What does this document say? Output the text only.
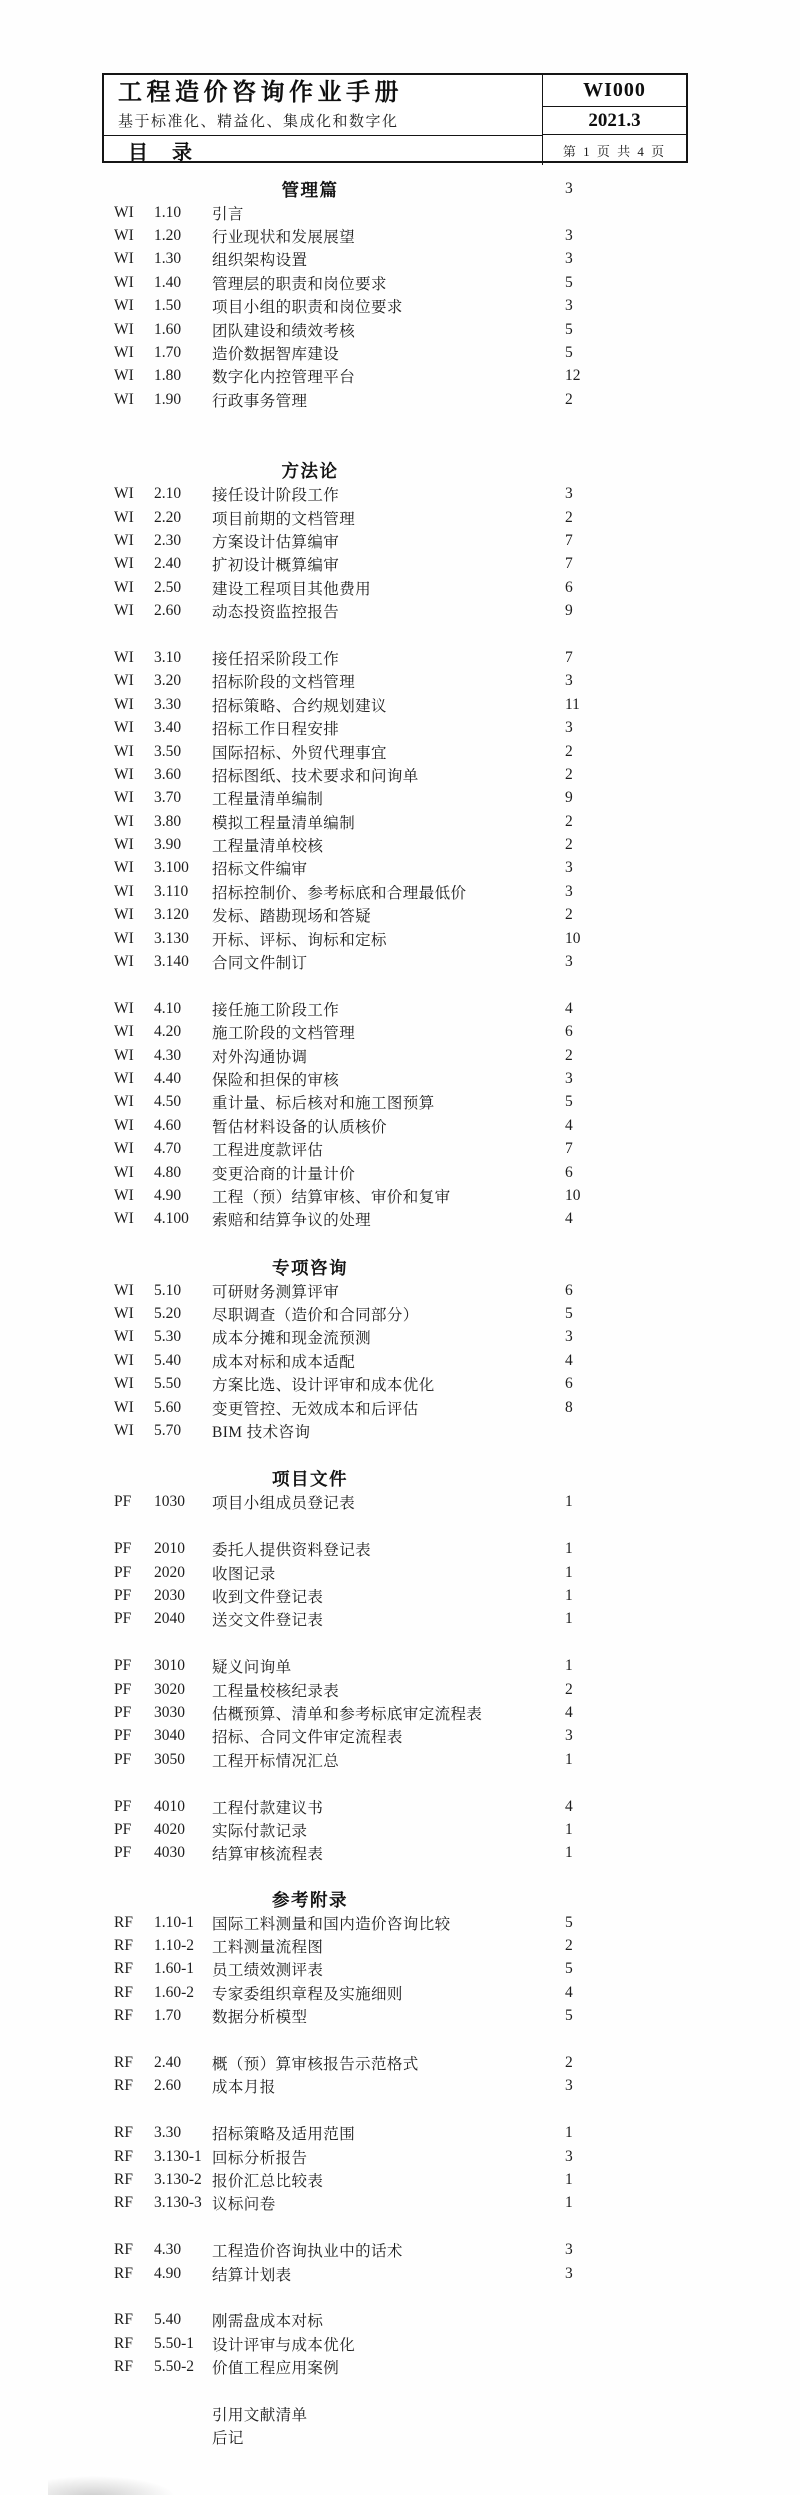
工程造价咨询作业手册
基于标准化、精益化、集成化和数字化
目　录
WI000
2021.3
第 1 页 共 4 页
管理篇	3
WI	1.10	引言
WI	1.20	行业现状和发展展望	3
WI	1.30	组织架构设置	3
WI	1.40	管理层的职责和岗位要求	5
WI	1.50	项目小组的职责和岗位要求	3
WI	1.60	团队建设和绩效考核	5
WI	1.70	造价数据智库建设	5
WI	1.80	数字化内控管理平台	12
WI	1.90	行政事务管理	2
方法论
WI	2.10	接任设计阶段工作	3
WI	2.20	项目前期的文档管理	2
WI	2.30	方案设计估算编审	7
WI	2.40	扩初设计概算编审	7
WI	2.50	建设工程项目其他费用	6
WI	2.60	动态投资监控报告	9
WI	3.10	接任招采阶段工作	7
WI	3.20	招标阶段的文档管理	3
WI	3.30	招标策略、合约规划建议	11
WI	3.40	招标工作日程安排	3
WI	3.50	国际招标、外贸代理事宜	2
WI	3.60	招标图纸、技术要求和问询单	2
WI	3.70	工程量清单编制	9
WI	3.80	模拟工程量清单编制	2
WI	3.90	工程量清单校核	2
WI	3.100	招标文件编审	3
WI	3.110	招标控制价、参考标底和合理最低价	3
WI	3.120	发标、踏勘现场和答疑	2
WI	3.130	开标、评标、询标和定标	10
WI	3.140	合同文件制订	3
WI	4.10	接任施工阶段工作	4
WI	4.20	施工阶段的文档管理	6
WI	4.30	对外沟通协调	2
WI	4.40	保险和担保的审核	3
WI	4.50	重计量、标后核对和施工图预算	5
WI	4.60	暂估材料设备的认质核价	4
WI	4.70	工程进度款评估	7
WI	4.80	变更洽商的计量计价	6
WI	4.90	工程（预）结算审核、审价和复审	10
WI	4.100	索赔和结算争议的处理	4
专项咨询
WI	5.10	可研财务测算评审	6
WI	5.20	尽职调查（造价和合同部分）	5
WI	5.30	成本分摊和现金流预测	3
WI	5.40	成本对标和成本适配	4
WI	5.50	方案比选、设计评审和成本优化	6
WI	5.60	变更管控、无效成本和后评估	8
WI	5.70	BIM 技术咨询
项目文件
PF	1030	项目小组成员登记表	1
PF	2010	委托人提供资料登记表	1
PF	2020	收图记录	1
PF	2030	收到文件登记表	1
PF	2040	送交文件登记表	1
PF	3010	疑义问询单	1
PF	3020	工程量校核纪录表	2
PF	3030	估概预算、清单和参考标底审定流程表	4
PF	3040	招标、合同文件审定流程表	3
PF	3050	工程开标情况汇总	1
PF	4010	工程付款建议书	4
PF	4020	实际付款记录	1
PF	4030	结算审核流程表	1
参考附录
RF	1.10-1	国际工料测量和国内造价咨询比较	5
RF	1.10-2	工料测量流程图	2
RF	1.60-1	员工绩效测评表	5
RF	1.60-2	专家委组织章程及实施细则	4
RF	1.70	数据分析模型	5
RF	2.40	概（预）算审核报告示范格式	2
RF	2.60	成本月报	3
RF	3.30	招标策略及适用范围	1
RF	3.130-1 回标分析报告	3
RF	3.130-2 报价汇总比较表	1
RF	3.130-3 议标问卷	1
RF	4.30	工程造价咨询执业中的话术	3
RF	4.90	结算计划表	3
RF	5.40	刚需盘成本对标
RF	5.50-1	设计评审与成本优化
RF	5.50-2	价值工程应用案例
引用文献清单
后记
